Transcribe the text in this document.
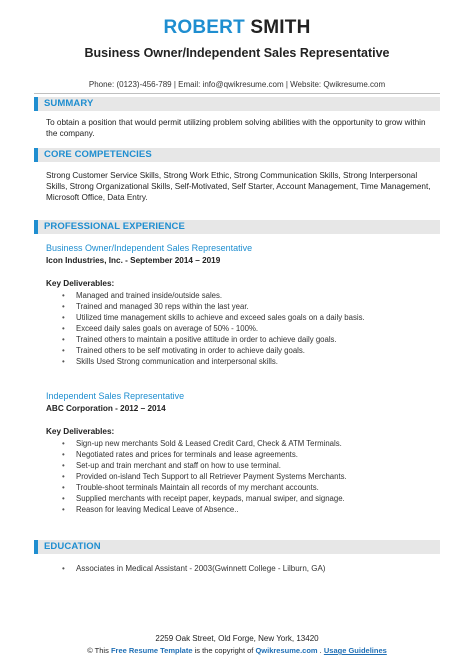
ROBERT SMITH
Business Owner/Independent Sales Representative
Phone: (0123)-456-789 | Email: info@qwikresume.com | Website: Qwikresume.com
SUMMARY
To obtain a position that would permit utilizing problem solving abilities with the opportunity to grow within the company.
CORE COMPETENCIES
Strong Customer Service Skills, Strong Work Ethic, Strong Communication Skills, Strong Interpersonal Skills, Strong Organizational Skills, Self-Motivated, Self Starter, Account Management, Time Management, Microsoft Office, Data Entry.
PROFESSIONAL EXPERIENCE
Business Owner/Independent Sales Representative
Icon Industries, Inc. - September 2014 – 2019
Key Deliverables:
• Managed and trained inside/outside sales.
• Trained and managed 30 reps within the last year.
• Utilized time management skills to achieve and exceed sales goals on a daily basis.
• Exceed daily sales goals on average of 50% - 100%.
• Trained others to maintain a positive attitude in order to achieve daily goals.
• Trained others to be self motivating in order to achieve daily goals.
• Skills Used Strong communication and interpersonal skills.
Independent Sales Representative
ABC Corporation - 2012 – 2014
Key Deliverables:
• Sign-up new merchants Sold & Leased Credit Card, Check & ATM Terminals.
• Negotiated rates and prices for terminals and lease agreements.
• Set-up and train merchant and staff on how to use terminal.
• Provided on-island Tech Support to all Retriever Payment Systems Merchants.
• Trouble-shoot terminals Maintain all records of my merchant accounts.
• Supplied merchants with receipt paper, keypads, manual swiper, and signage.
• Reason for leaving Medical Leave of Absence..
EDUCATION
• Associates in Medical Assistant - 2003(Gwinnett College - Lilburn, GA)
2259 Oak Street, Old Forge, New York, 13420
© This Free Resume Template is the copyright of Qwikresume.com . Usage Guidelines
